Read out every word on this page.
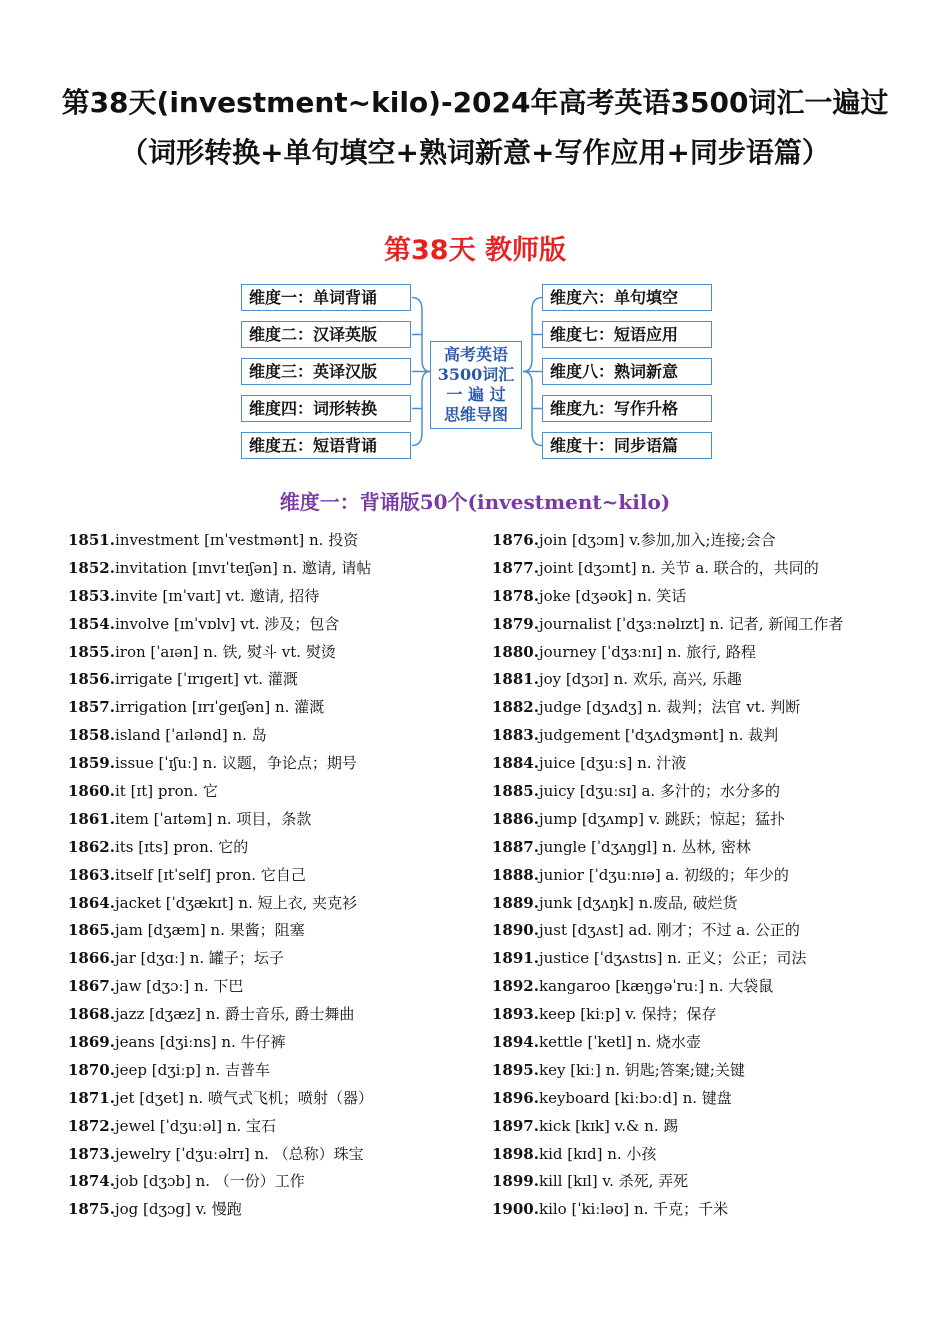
第38天(investment~kilo)-2024年高考英语3500词汇一遍过（词形转换+单句填空+熟词新意+写作应用+同步语篇）
第38天 教师版
维度一：单词背诵
维度二：汉译英版
维度三：英译汉版
维度四：词形转换
维度五：短语背诵
高考英语
3500词汇
一 遍 过
思维导图
维度六：单句填空
维度七：短语应用
维度八：熟词新意
维度九：写作升格
维度十：同步语篇
维度一：背诵版50个(investment~kilo)
1851.investment [ɪnˈvestmənt] n. 投资
1852.invitation [ɪnvɪˈteɪʃən] n. 邀请, 请帖
1853.invite [ɪnˈvaɪt] vt. 邀请, 招待
1854.involve [ɪnˈvɒlv] vt. 涉及；包含
1855.iron [ˈaɪən] n. 铁, 熨斗 vt. 熨烫
1856.irrigate [ˈɪrɪgeɪt] vt. 灌溉
1857.irrigation [ɪrɪˈgeɪʃən] n. 灌溉
1858.island [ˈaɪlənd] n. 岛
1859.issue [ˈɪʃuː] n. 议题，争论点；期号
1860.it [ɪt] pron. 它
1861.item [ˈaɪtəm] n. 项目，条款
1862.its [ɪts] pron. 它的
1863.itself [ɪtˈself] pron. 它自己
1864.jacket [ˈdʒækɪt] n. 短上衣, 夹克衫
1865.jam [dʒæm] n. 果酱；阻塞
1866.jar [dʒɑː] n. 罐子；坛子
1867.jaw [dʒɔː] n. 下巴
1868.jazz [dʒæz] n. 爵士音乐, 爵士舞曲
1869.jeans [dʒiːns] n. 牛仔裤
1870.jeep [dʒiːp] n. 吉普车
1871.jet [dʒet] n. 喷气式飞机；喷射（器）
1872.jewel [ˈdʒuːəl] n. 宝石
1873.jewelry [ˈdʒuːəlrɪ] n. （总称）珠宝
1874.job [dʒɔb] n. （一份）工作
1875.jog [dʒɔg] v. 慢跑
1876.join [dʒɔɪn] v.参加,加入;连接;会合
1877.joint [dʒɔɪnt] n. 关节 a. 联合的，共同的
1878.joke [dʒəʊk] n. 笑话
1879.journalist [ˈdʒɜːnəlɪzt] n. 记者, 新闻工作者
1880.journey [ˈdʒɜːnɪ] n. 旅行, 路程
1881.joy [dʒɔɪ] n. 欢乐, 高兴, 乐趣
1882.judge [dʒʌdʒ] n. 裁判；法官 vt. 判断
1883.judgement ['dʒʌdʒmənt] n. 裁判
1884.juice [dʒuːs] n. 汁液
1885.juicy [dʒuːsɪ] a. 多汁的；水分多的
1886.jump [dʒʌmp] v. 跳跃；惊起；猛扑
1887.jungle [ˈdʒʌŋgl] n. 丛林, 密林
1888.junior [ˈdʒuːnɪə] a. 初级的；年少的
1889.junk [dʒʌŋk] n.废品, 破烂货
1890.just [dʒʌst] ad. 刚才；不过 a. 公正的
1891.justice [ˈdʒʌstɪs] n. 正义；公正；司法
1892.kangaroo [kæŋgəˈruː] n. 大袋鼠
1893.keep [kiːp] v. 保持；保存
1894.kettle [ˈketl] n. 烧水壶
1895.key [kiː] n. 钥匙;答案;键;关键
1896.keyboard [kiːbɔːd] n. 键盘
1897.kick [kɪk] v.& n. 踢
1898.kid [kɪd] n. 小孩
1899.kill [kɪl] v. 杀死, 弄死
1900.kilo [ˈkiːləʊ] n. 千克；千米
